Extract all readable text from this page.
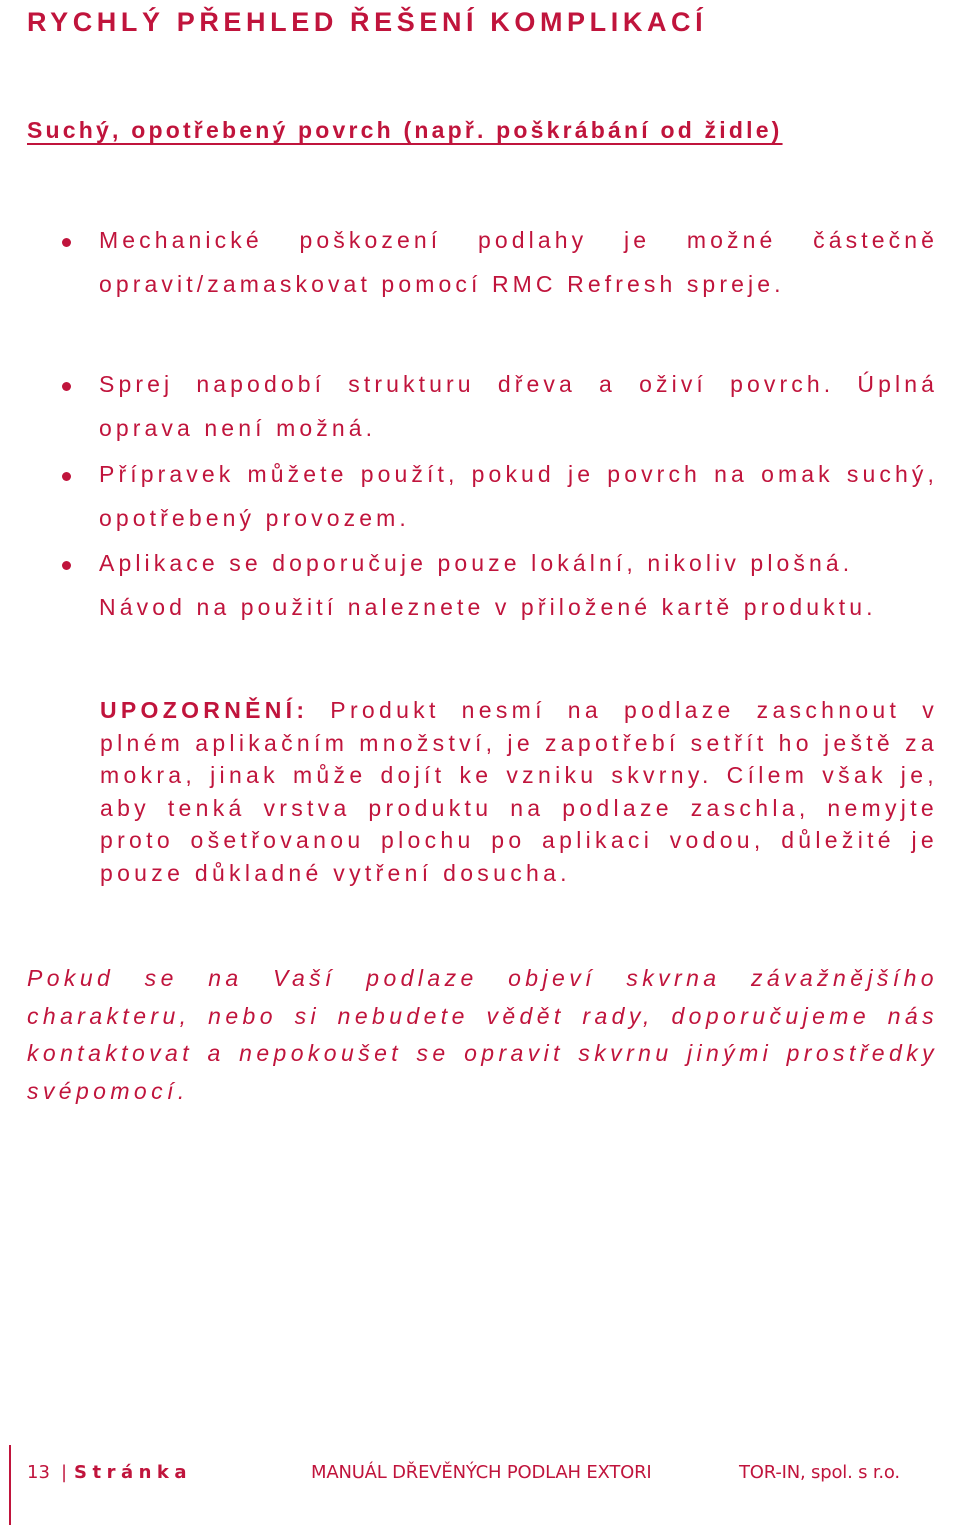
RYCHLÝ PŘEHLED ŘEŠENÍ KOMPLIKACÍ
Suchý, opotřebený povrch (např. poškrábání od židle)
Mechanické poškození podlahy je možné částečně opravit/zamaskovat pomocí RMC Refresh spreje.
Sprej napodobí strukturu dřeva a oživí povrch. Úplná oprava není možná.
Přípravek můžete použít, pokud je povrch na omak suchý, opotřebený provozem.
Aplikace se doporučuje pouze lokální, nikoliv plošná. Návod na použití naleznete v přiložené kartě produktu.

UPOZORNĚNÍ: Produkt nesmí na podlaze zaschnout v plném aplikačním množství, je zapotřebí setřít ho ještě za mokra, jinak může dojít ke vzniku skvrny. Cílem však je, aby tenká vrstva produktu na podlaze zaschla, nemyjte proto ošetřovanou plochu po aplikaci vodou, důležité je pouze důkladné vytření dosucha.

Pokud se na Vaší podlaze objeví skvrna závažnějšího charakteru, nebo si nebudete vědět rady, doporučujeme nás kontaktovat a nepokoušet se opravit skvrnu jinými prostředky svépomocí.

13 | Stránka	MANUÁL DŘEVĚNÝCH PODLAH EXTORI	TOR-IN, spol. s r.o.
